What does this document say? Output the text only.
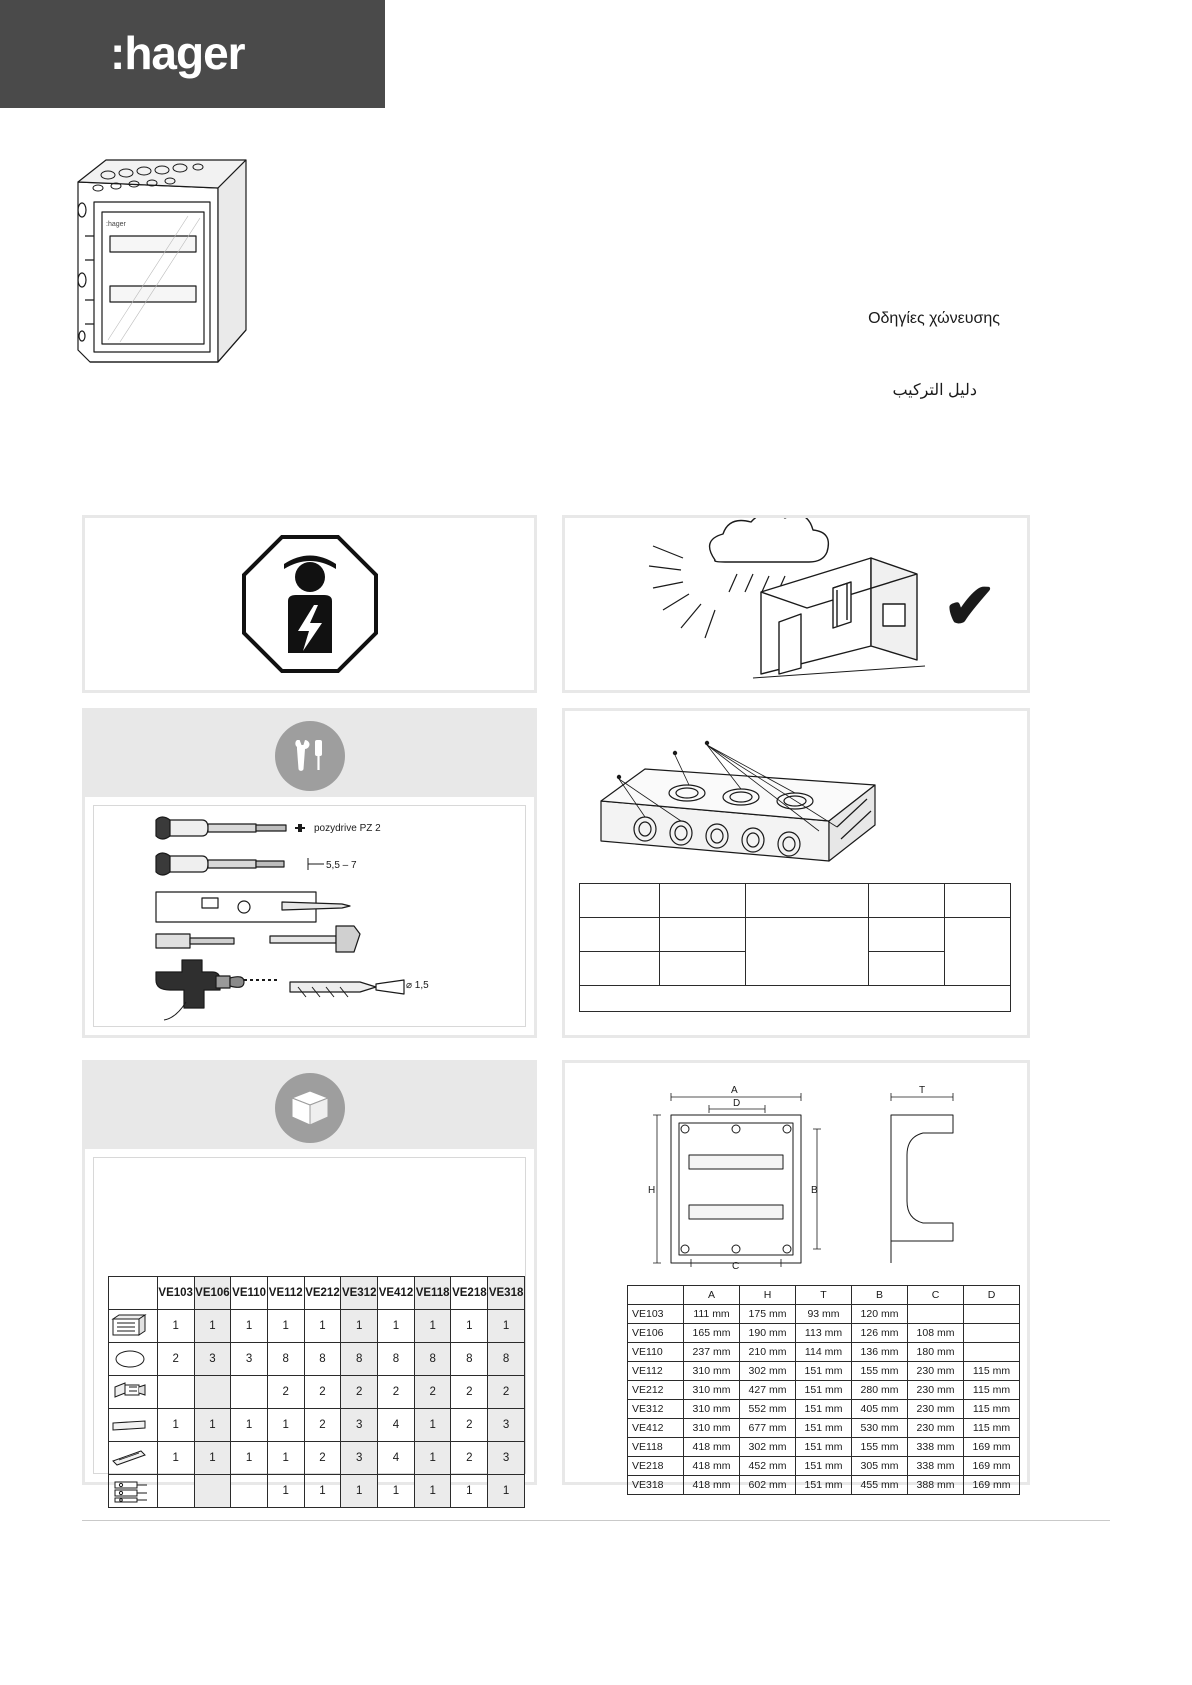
:hager
:hager
Οδηγίες χώνευσης
دليل التركيب
✔
pozydrive PZ 2
5,5 – 7
⌀ 1,5

	VE103	VE106	VE110	VE112	VE212	VE312	VE412	VE118	VE218	VE318

	1	1	1	1	1	1	1	1	1	1

	2	3	3	8	8	8	8	8	8	8

				2	2	2	2	2	2	2

	1	1	1	1	2	3	4	1	2	3

	1	1	1	1	2	3	4	1	2	3

				1	1	1	1	1	1	1
A
D
T
H	B
C
	A	H	T	B	C	D
VE103	111 mm	175 mm	93 mm	120 mm		
VE106	165 mm	190 mm	113 mm	126 mm	108 mm	
VE110	237 mm	210 mm	114 mm	136 mm	180 mm	
VE112	310 mm	302 mm	151 mm	155 mm	230 mm	115 mm
VE212	310 mm	427 mm	151 mm	280 mm	230 mm	115 mm
VE312	310 mm	552 mm	151 mm	405 mm	230 mm	115 mm
VE412	310 mm	677 mm	151 mm	530 mm	230 mm	115 mm
VE118	418 mm	302 mm	151 mm	155 mm	338 mm	169 mm
VE218	418 mm	452 mm	151 mm	305 mm	338 mm	169 mm
VE318	418 mm	602 mm	151 mm	455 mm	388 mm	169 mm
